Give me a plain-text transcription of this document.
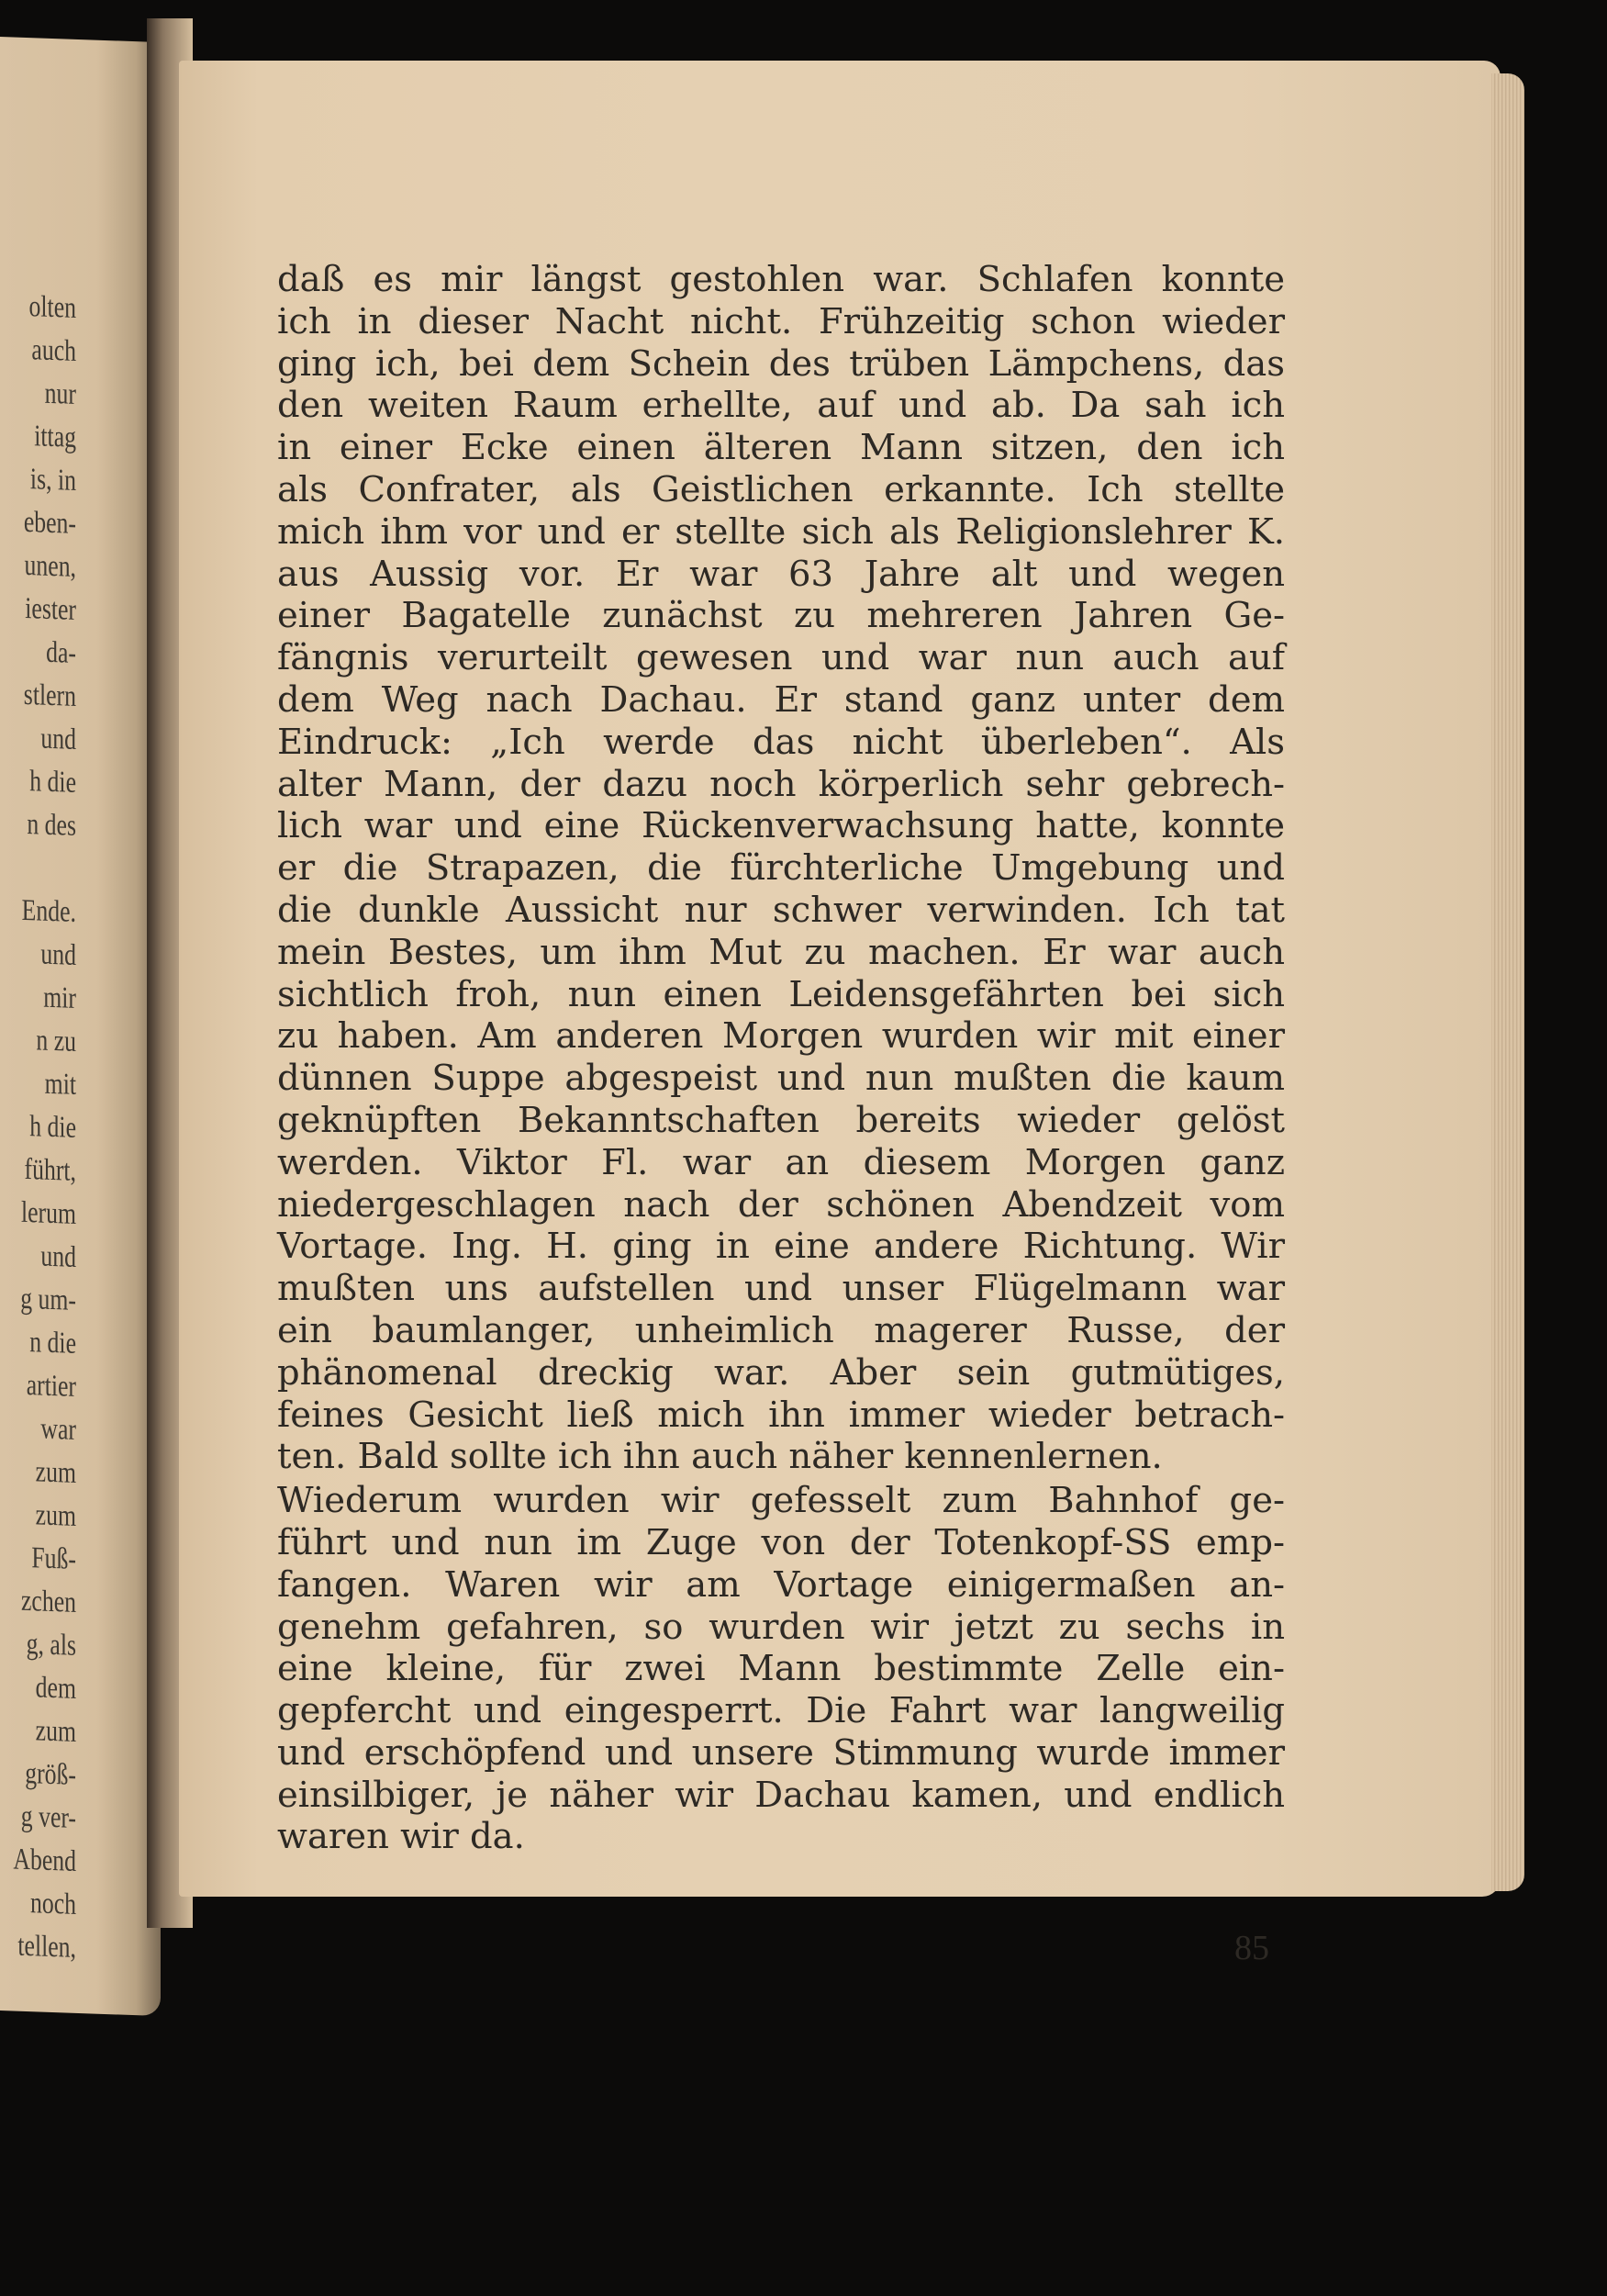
olten
auch
nur
ittag
is, in
eben-
unen,
iester
da-
stlern
und
h die
n des
Ende.
und
mir
n zu
mit
h die
führt,
lerum
und
g um-
n die
artier
war
zum
zum
Fuß-
zchen
g, als
dem
zum
größ-
g ver-
Abend
noch
tellen,
daß es mir längst gestohlen war. Schlafen konnte
ich in dieser Nacht nicht. Frühzeitig schon wieder
ging ich, bei dem Schein des trüben Lämpchens, das
den weiten Raum erhellte, auf und ab. Da sah ich
in einer Ecke einen älteren Mann sitzen, den ich
als Confrater, als Geistlichen erkannte. Ich stellte
mich ihm vor und er stellte sich als Religionslehrer K.
aus Aussig vor. Er war 63 Jahre alt und wegen
einer Bagatelle zunächst zu mehreren Jahren Ge-
fängnis verurteilt gewesen und war nun auch auf
dem Weg nach Dachau. Er stand ganz unter dem
Eindruck: „Ich werde das nicht überleben“. Als
alter Mann, der dazu noch körperlich sehr gebrech-
lich war und eine Rückenverwachsung hatte, konnte
er die Strapazen, die fürchterliche Umgebung und
die dunkle Aussicht nur schwer verwinden. Ich tat
mein Bestes, um ihm Mut zu machen. Er war auch
sichtlich froh, nun einen Leidensgefährten bei sich
zu haben. Am anderen Morgen wurden wir mit einer
dünnen Suppe abgespeist und nun mußten die kaum
geknüpften Bekanntschaften bereits wieder gelöst
werden. Viktor Fl. war an diesem Morgen ganz
niedergeschlagen nach der schönen Abendzeit vom
Vortage. Ing. H. ging in eine andere Richtung. Wir
mußten uns aufstellen und unser Flügelmann war
ein baumlanger, unheimlich magerer Russe, der
phänomenal dreckig war. Aber sein gutmütiges,
feines Gesicht ließ mich ihn immer wieder betrach-
ten. Bald sollte ich ihn auch näher kennenlernen.
Wiederum wurden wir gefesselt zum Bahnhof ge-
führt und nun im Zuge von der Totenkopf-SS emp-
fangen. Waren wir am Vortage einigermaßen an-
genehm gefahren, so wurden wir jetzt zu sechs in
eine kleine, für zwei Mann bestimmte Zelle ein-
gepfercht und eingesperrt. Die Fahrt war langweilig
und erschöpfend und unsere Stimmung wurde immer
einsilbiger, je näher wir Dachau kamen, und endlich
waren wir da.
85
